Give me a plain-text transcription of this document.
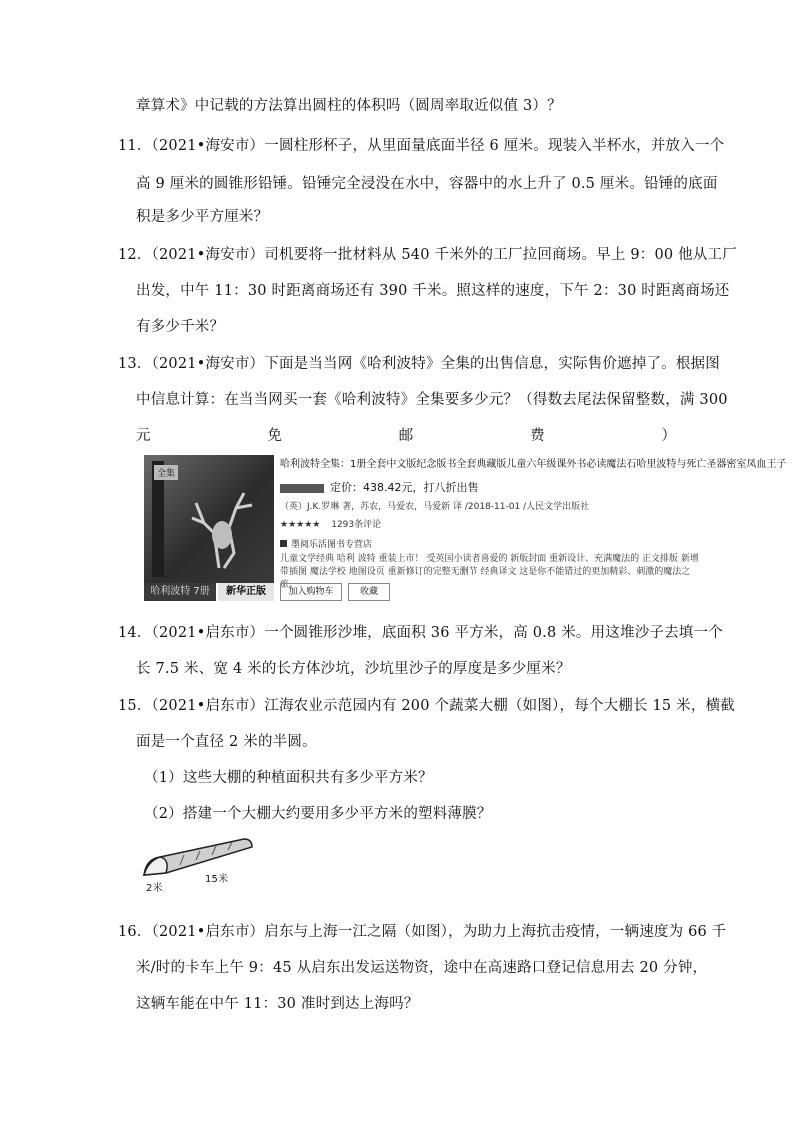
章算术》中记载的方法算出圆柱的体积吗（圆周率取近似值 3）？
11．（2021•海安市）一圆柱形杯子，从里面量底面半径 6 厘米。现装入半杯水，并放入一个
高 9 厘米的圆锥形铅锤。铅锤完全浸没在水中，容器中的水上升了 0.5 厘米。铅锤的底面
积是多少平方厘米？
12．（2021•海安市）司机要将一批材料从 540 千米外的工厂拉回商场。早上 9：00 他从工厂
出发，中午 11：30 时距离商场还有 390 千米。照这样的速度，下午 2：30 时距离商场还
有多少千米？
13．（2021•海安市）下面是当当网《哈利波特》全集的出售信息，实际售价遮掉了。根据图
中信息计算：在当当网买一套《哈利波特》全集要多少元？（得数去尾法保留整数，满 300
元	免	邮	费	）
全集
哈利波特 7册	新华正版
哈利波特全集：1册全套中文版纪念版书全套典藏版儿童六年级课外书必读魔法石哈里波特与死亡圣器密室凤血王子
定价：438.42元，打八折出售
（英）J.K.罗琳 著，苏农，马爱农，马爱新 译 /2018-11-01 /人民文学出版社
★★★★★ 1293条评论
墨阅乐活图书专营店
儿童文学经典 哈利 波特 重装上市！ 受英国小读者喜爱的 新版封面 重新设计、充满魔法的 正文排版 新增带插图 魔法学校 地图设页 重新修订的完整无删节 经典译文 这是你不能错过的更加精彩、刺激的魔法之旅。
加入购物车	收藏
14．（2021•启东市）一个圆锥形沙堆，底面积 36 平方米，高 0.8 米。用这堆沙子去填一个
长 7.5 米、宽 4 米的长方体沙坑，沙坑里沙子的厚度是多少厘米？
15．（2021•启东市）江海农业示范园内有 200 个蔬菜大棚（如图），每个大棚长 15 米，横截
面是一个直径 2 米的半圆。
（1）这些大棚的种植面积共有多少平方米？
（2）搭建一个大棚大约要用多少平方米的塑料薄膜？
15米
2米
16．（2021•启东市）启东与上海一江之隔（如图），为助力上海抗击疫情，一辆速度为 66 千
米/时的卡车上午 9：45 从启东出发运送物资，途中在高速路口登记信息用去 20 分钟，
这辆车能在中午 11：30 准时到达上海吗？
